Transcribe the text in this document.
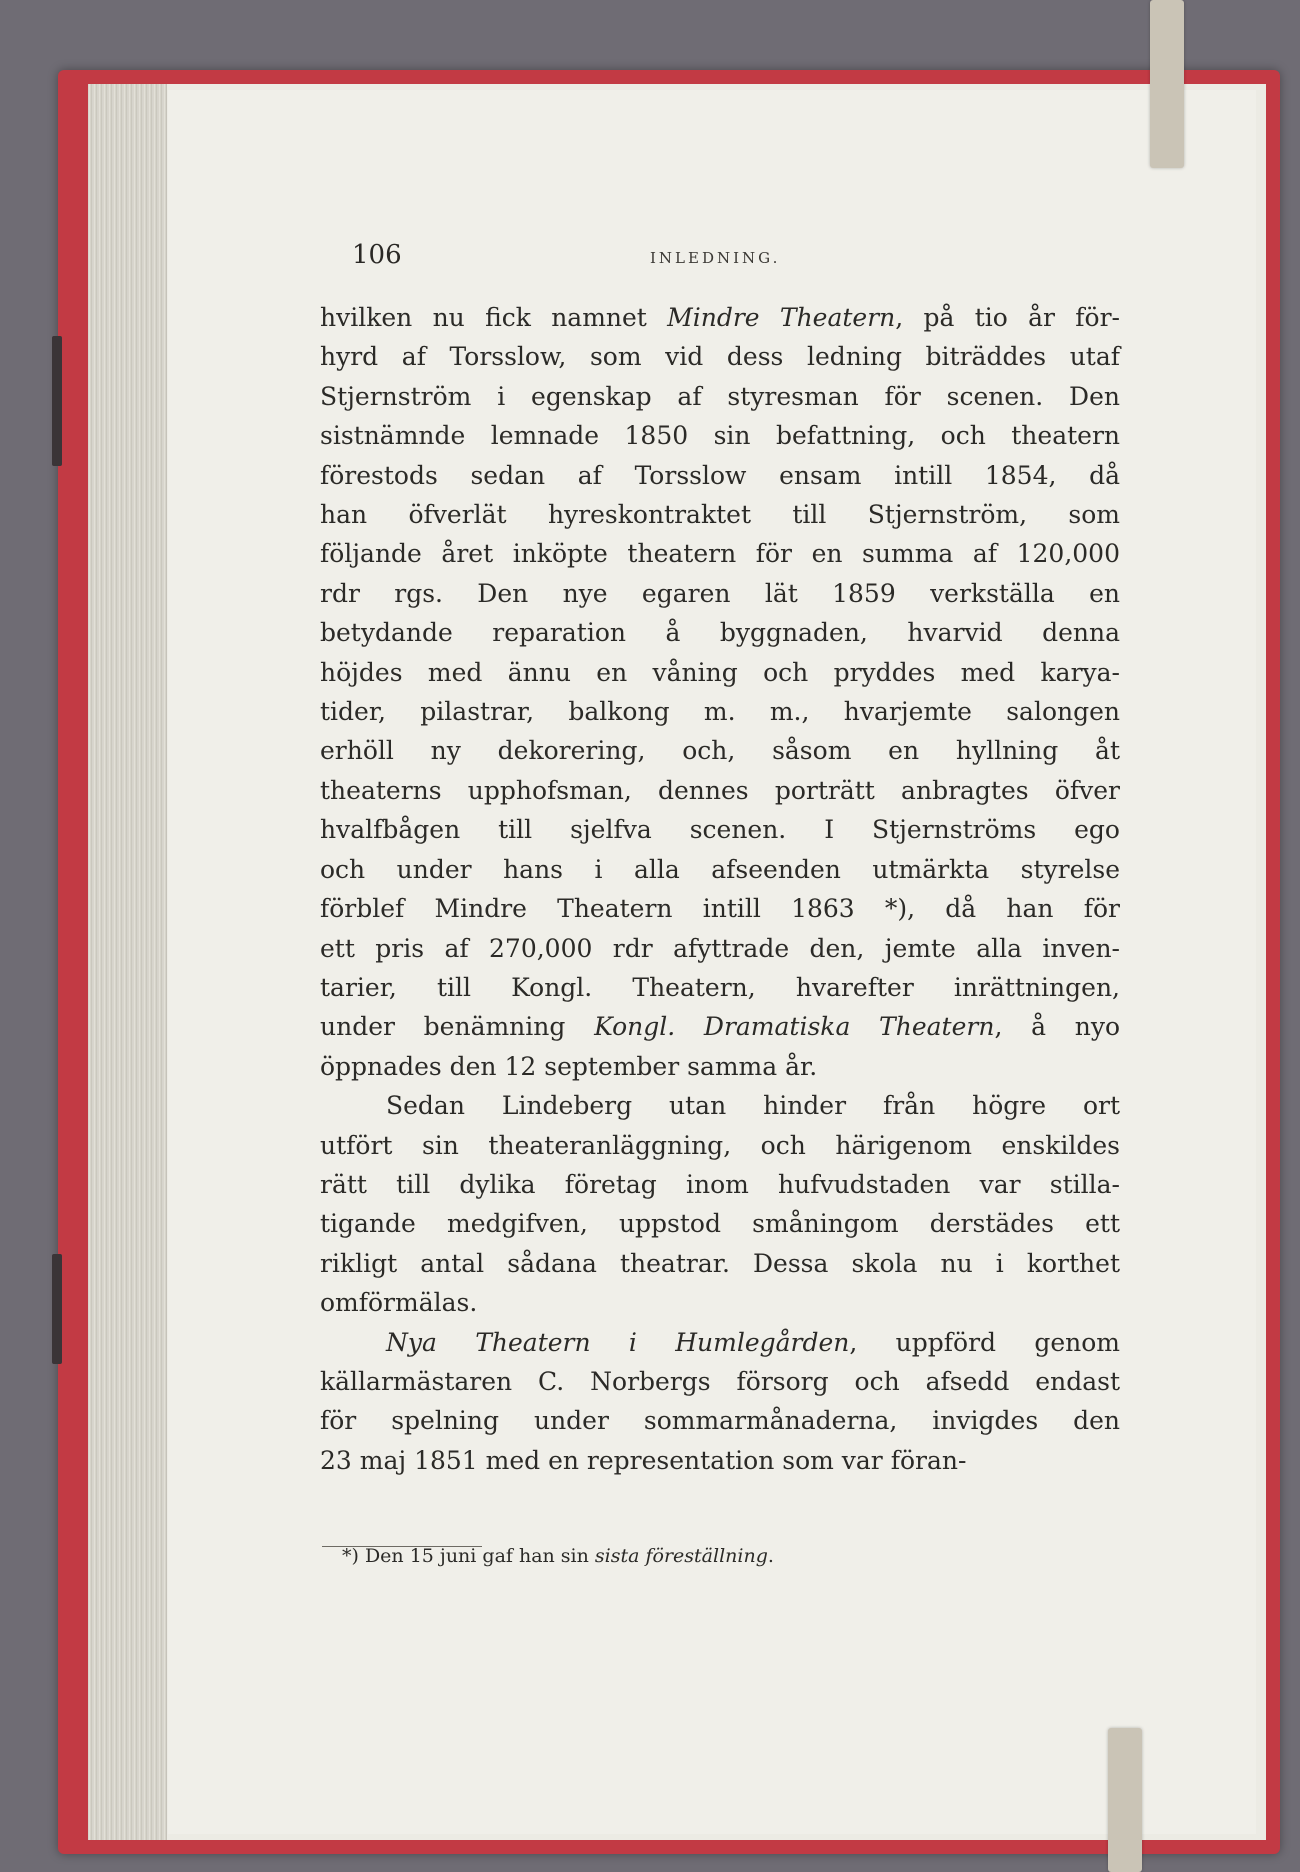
106	INLEDNING.
hvilken nu fick namnet Mindre Theatern, på tio år för-
hyrd af Torsslow, som vid dess ledning biträddes utaf
Stjernström i egenskap af styresman för scenen. Den
sistnämnde lemnade 1850 sin befattning, och theatern
förestods sedan af Torsslow ensam intill 1854, då
han öfverlät hyreskontraktet till Stjernström, som
följande året inköpte theatern för en summa af 120,000
rdr rgs. Den nye egaren lät 1859 verkställa en
betydande reparation å byggnaden, hvarvid denna
höjdes med ännu en våning och pryddes med karya-
tider, pilastrar, balkong m. m., hvarjemte salongen
erhöll ny dekorering, och, såsom en hyllning åt
theaterns upphofsman, dennes porträtt anbragtes öfver
hvalfbågen till sjelfva scenen. I Stjernströms ego
och under hans i alla afseenden utmärkta styrelse
förblef Mindre Theatern intill 1863 *), då han för
ett pris af 270,000 rdr afyttrade den, jemte alla inven-
tarier, till Kongl. Theatern, hvarefter inrättningen,
under benämning Kongl. Dramatiska Theatern, å nyo
öppnades den 12 september samma år.
Sedan Lindeberg utan hinder från högre ort
utfört sin theateranläggning, och härigenom enskildes
rätt till dylika företag inom hufvudstaden var stilla-
tigande medgifven, uppstod småningom derstädes ett
rikligt antal sådana theatrar. Dessa skola nu i korthet
omförmälas.
Nya Theatern i Humlegården, uppförd genom
källarmästaren C. Norbergs försorg och afsedd endast
för spelning under sommarmånaderna, invigdes den
23 maj 1851 med en representation som var föran-
*) Den 15 juni gaf han sin sista föreställning.
